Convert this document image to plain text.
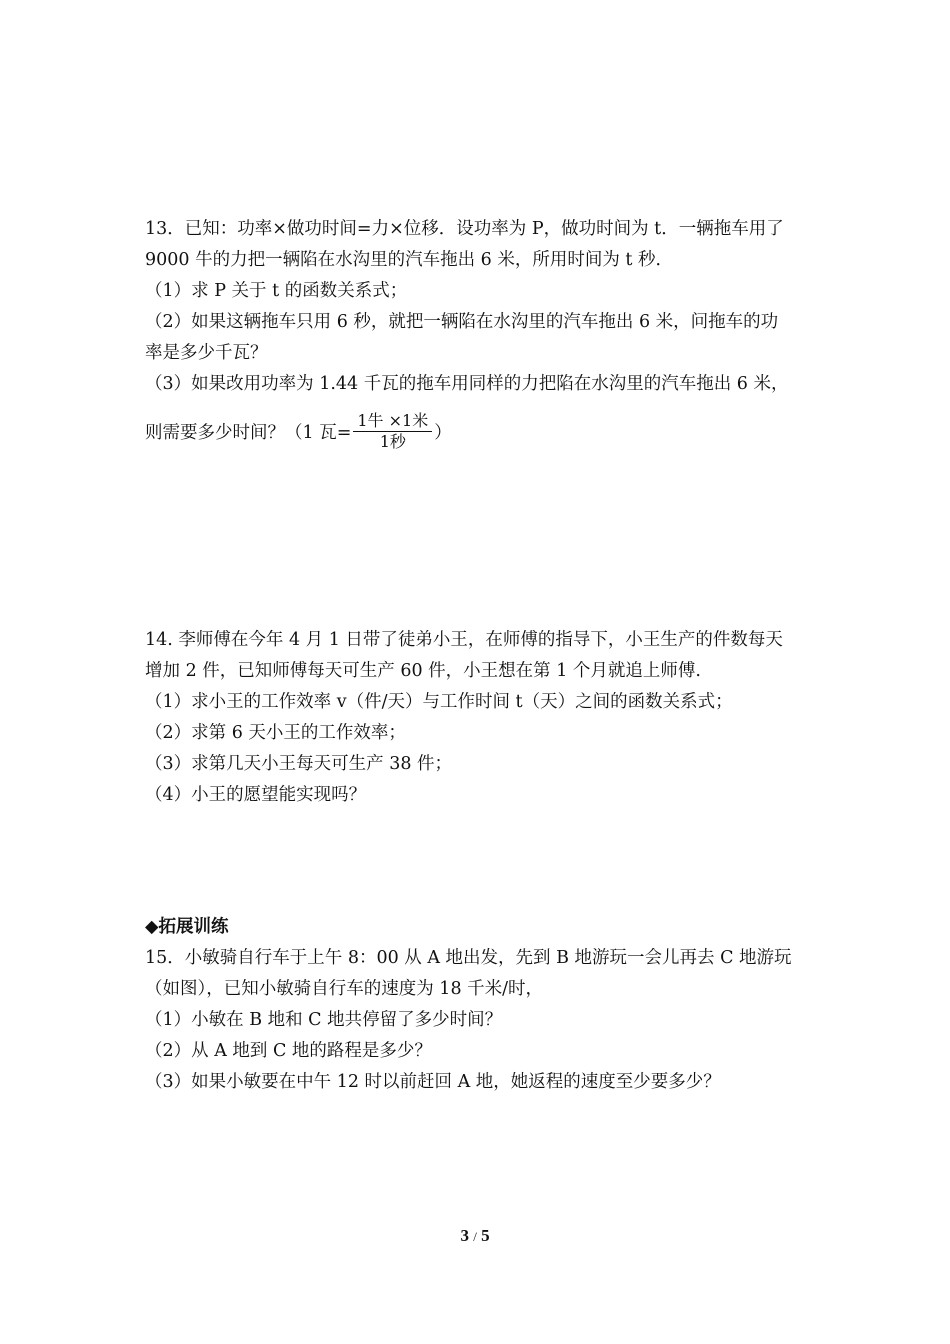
13．已知：功率×做功时间=力×位移．设功率为 P，做功时间为 t．一辆拖车用了
9000 牛的力把一辆陷在水沟里的汽车拖出 6 米，所用时间为 t 秒．
（1）求 P 关于 t 的函数关系式；
（2）如果这辆拖车只用 6 秒，就把一辆陷在水沟里的汽车拖出 6 米，问拖车的功
率是多少千瓦？
（3）如果改用功率为 1.44 千瓦的拖车用同样的力把陷在水沟里的汽车拖出 6 米，
则需要多少时间？（1 瓦= $\frac{\text{1牛 ×1米}}{\text{1秒}}$ ）
14. 李师傅在今年 4 月 1 日带了徒弟小王，在师傅的指导下，小王生产的件数每天
增加 2 件，已知师傅每天可生产 60 件，小王想在第 1 个月就追上师傅.
（1）求小王的工作效率 v（件/天）与工作时间 t（天）之间的函数关系式；
（2）求第 6 天小王的工作效率；
（3）求第几天小王每天可生产 38 件；
（4）小王的愿望能实现吗？
◆拓展训练
15．小敏骑自行车于上午 8：00 从 A 地出发，先到 B 地游玩一会儿再去 C 地游玩
（如图），已知小敏骑自行车的速度为 18 千米/时，
（1）小敏在 B 地和 C 地共停留了多少时间？
（2）从 A 地到 C 地的路程是多少？
（3）如果小敏要在中午 12 时以前赶回 A 地，她返程的速度至少要多少？
3 / 5
